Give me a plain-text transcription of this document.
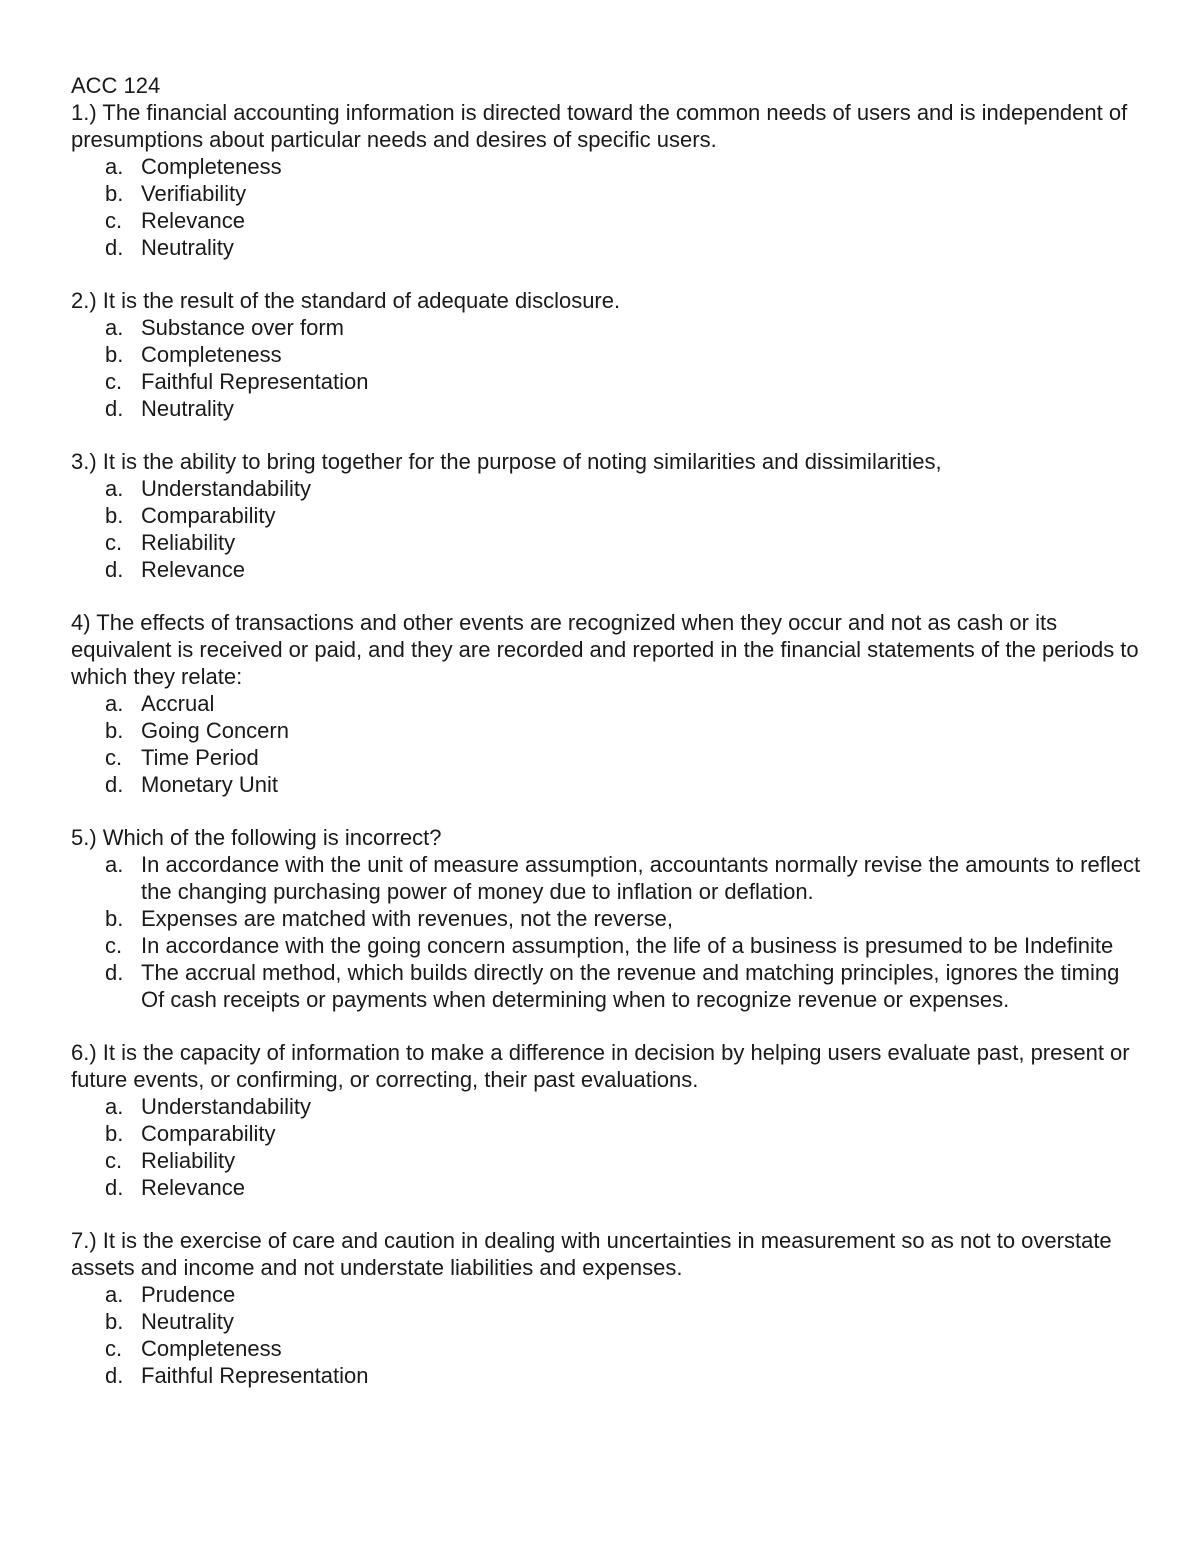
ACC 124

1.) The financial accounting information is directed toward the common needs of users and is independent of presumptions about particular needs and desires of specific users.

a. Completeness
b. Verifiability
c. Relevance
d. Neutrality

2.) It is the result of the standard of adequate disclosure.

a. Substance over form
b. Completeness
c. Faithful Representation
d. Neutrality

3.) It is the ability to bring together for the purpose of noting similarities and dissimilarities,

a. Understandability
b. Comparability
c. Reliability
d. Relevance

4) The effects of transactions and other events are recognized when they occur and not as cash or its equivalent is received or paid, and they are recorded and reported in the financial statements of the periods to which they relate:

a. Accrual
b. Going Concern
c. Time Period
d. Monetary Unit

5.) Which of the following is incorrect?

a. In accordance with the unit of measure assumption, accountants normally revise the amounts to reflect the changing purchasing power of money due to inflation or deflation.
b. Expenses are matched with revenues, not the reverse,
c. In accordance with the going concern assumption, the life of a business is presumed to be Indefinite
d. The accrual method, which builds directly on the revenue and matching principles, ignores the timing Of cash receipts or payments when determining when to recognize revenue or expenses.

6.) It is the capacity of information to make a difference in decision by helping users evaluate past, present or future events, or confirming, or correcting, their past evaluations.

a. Understandability
b. Comparability
c. Reliability
d. Relevance

7.) It is the exercise of care and caution in dealing with uncertainties in measurement so as not to overstate assets and income and not understate liabilities and expenses.

a. Prudence
b. Neutrality
c. Completeness
d. Faithful Representation
